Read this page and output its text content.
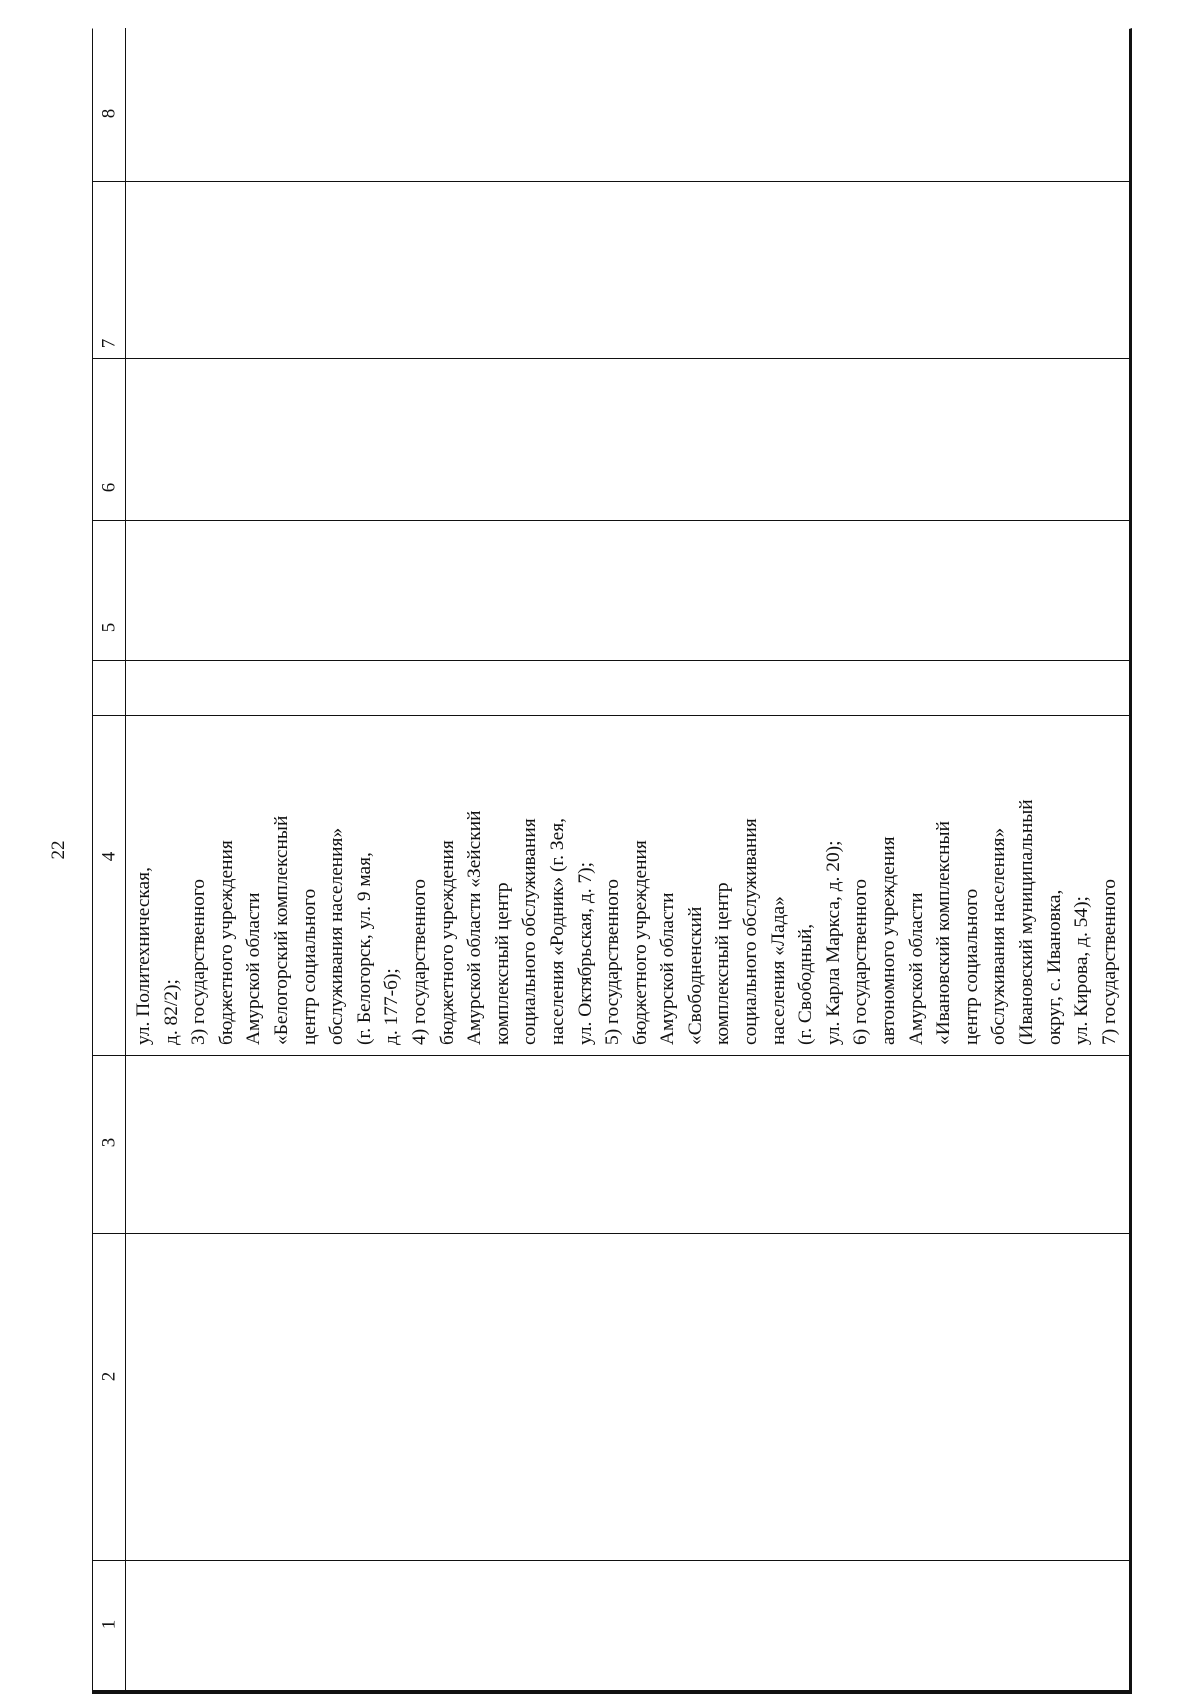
22
8
7
6
5
4
3
2
1
ул. Политехническая, д. 82/2); 3) государственного бюджетного учреждения Амурской области «Белогорский комплексный центр социального обслуживания населения» (г. Белогорск, ул. 9 мая, д. 177-б); 4) государственного бюджетного учреждения Амурской области «Зейский комплексный центр социального обслуживания населения «Родник» (г. Зея, ул. Октябрьская, д. 7); 5) государственного бюджетного учреждения Амурской области «Свободненский комплексный центр социального обслуживания населения «Лада» (г. Свободный, ул. Карла Маркса, д. 20); 6) государственного автономного учреждения Амурской области «Ивановский комплексный центр социального обслуживания населения» (Ивановский муниципальный округ, с. Ивановка, ул. Кирова, д. 54); 7) государственного
